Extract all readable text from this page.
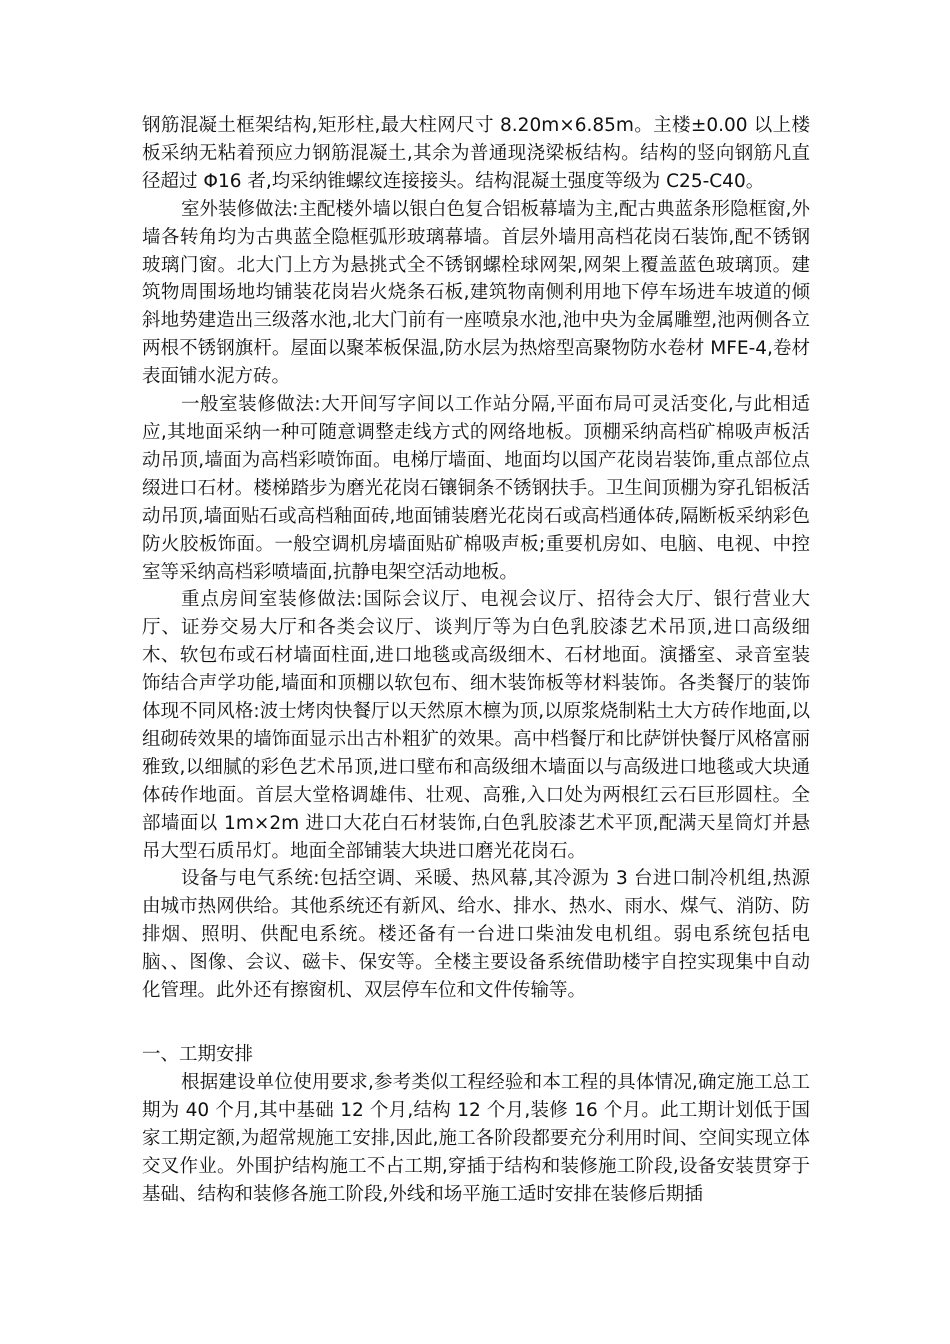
钢筋混凝土框架结构,矩形柱,最大柱网尺寸 8.20m×6.85m。主楼±0.00 以上楼板采纳无粘着预应力钢筋混凝土,其余为普通现浇梁板结构。结构的竖向钢筋凡直径超过 Φ16 者,均采纳锥螺纹连接接头。结构混凝土强度等级为 C25-C40。

室外装修做法:主配楼外墙以银白色复合铝板幕墙为主,配古典蓝条形隐框窗,外墙各转角均为古典蓝全隐框弧形玻璃幕墙。首层外墙用高档花岗石装饰,配不锈钢玻璃门窗。北大门上方为悬挑式全不锈钢螺栓球网架,网架上覆盖蓝色玻璃顶。建筑物周围场地均铺装花岗岩火烧条石板,建筑物南侧利用地下停车场进车坡道的倾斜地势建造出三级落水池,北大门前有一座喷泉水池,池中央为金属雕塑,池两侧各立两根不锈钢旗杆。屋面以聚苯板保温,防水层为热熔型高聚物防水卷材 MFE-4,卷材表面铺水泥方砖。

一般室装修做法:大开间写字间以工作站分隔,平面布局可灵活变化,与此相适应,其地面采纳一种可随意调整走线方式的网络地板。顶棚采纳高档矿棉吸声板活动吊顶,墙面为高档彩喷饰面。电梯厅墙面、地面均以国产花岗岩装饰,重点部位点缀进口石材。楼梯踏步为磨光花岗石镶铜条不锈钢扶手。卫生间顶棚为穿孔铝板活动吊顶,墙面贴石或高档釉面砖,地面铺装磨光花岗石或高档通体砖,隔断板采纳彩色防火胶板饰面。一般空调机房墙面贴矿棉吸声板;重要机房如、电脑、电视、中控室等采纳高档彩喷墙面,抗静电架空活动地板。

重点房间室装修做法:国际会议厅、电视会议厅、招待会大厅、银行营业大厅、证券交易大厅和各类会议厅、谈判厅等为白色乳胶漆艺术吊顶,进口高级细木、软包布或石材墙面柱面,进口地毯或高级细木、石材地面。演播室、录音室装饰结合声学功能,墙面和顶棚以软包布、细木装饰板等材料装饰。各类餐厅的装饰体现不同风格:波士烤肉快餐厅以天然原木檩为顶,以原浆烧制粘土大方砖作地面,以组砌砖效果的墙饰面显示出古朴粗犷的效果。高中档餐厅和比萨饼快餐厅风格富丽雅致,以细腻的彩色艺术吊顶,进口壁布和高级细木墙面以与高级进口地毯或大块通体砖作地面。首层大堂格调雄伟、壮观、高雅,入口处为两根红云石巨形圆柱。全部墙面以 1m×2m 进口大花白石材装饰,白色乳胶漆艺术平顶,配满天星筒灯并悬吊大型石质吊灯。地面全部铺装大块进口磨光花岗石。

设备与电气系统:包括空调、采暖、热风幕,其冷源为 3 台进口制冷机组,热源由城市热网供给。其他系统还有新风、给水、排水、热水、雨水、煤气、消防、防排烟、照明、供配电系统。楼还备有一台进口柴油发电机组。弱电系统包括电脑、、图像、会议、磁卡、保安等。全楼主要设备系统借助楼宇自控实现集中自动化管理。此外还有擦窗机、双层停车位和文件传输等。

一、工期安排

根据建设单位使用要求,参考类似工程经验和本工程的具体情况,确定施工总工期为 40 个月,其中基础 12 个月,结构 12 个月,装修 16 个月。此工期计划低于国家工期定额,为超常规施工安排,因此,施工各阶段都要充分利用时间、空间实现立体交叉作业。外围护结构施工不占工期,穿插于结构和装修施工阶段,设备安装贯穿于基础、结构和装修各施工阶段,外线和场平施工适时安排在装修后期插
